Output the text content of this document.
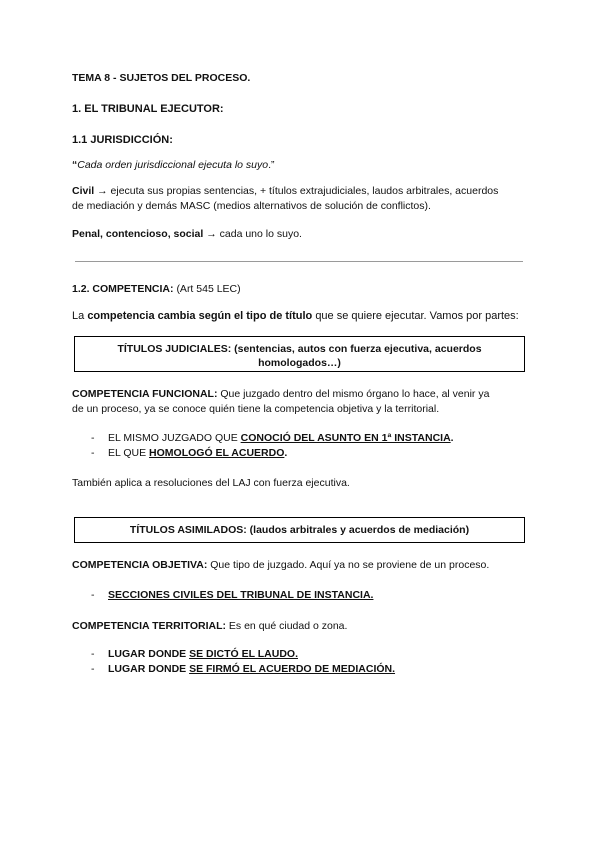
TEMA 8 - SUJETOS DEL PROCESO.
1. EL TRIBUNAL EJECUTOR:
1.1 JURISDICCIÓN:
“Cada orden jurisdiccional ejecuta lo suyo.”
Civil → ejecuta sus propias sentencias, + títulos extrajudiciales, laudos arbitrales, acuerdos
de mediación y demás MASC (medios alternativos de solución de conflictos).
Penal, contencioso, social → cada uno lo suyo.
1.2. COMPETENCIA: (Art 545 LEC)
La competencia cambia según el tipo de título que se quiere ejecutar. Vamos por partes:
TÍTULOS JUDICIALES: (sentencias, autos con fuerza ejecutiva, acuerdos
homologados…)
COMPETENCIA FUNCIONAL: Que juzgado dentro del mismo órgano lo hace, al venir ya
de un proceso, ya se conoce quién tiene la competencia objetiva y la territorial.
- EL MISMO JUZGADO QUE CONOCIÓ DEL ASUNTO EN 1ª INSTANCIA.
- EL QUE HOMOLOGÓ EL ACUERDO.
También aplica a resoluciones del LAJ con fuerza ejecutiva.
TÍTULOS ASIMILADOS: (laudos arbitrales y acuerdos de mediación)
COMPETENCIA OBJETIVA: Que tipo de juzgado. Aquí ya no se proviene de un proceso.
- SECCIONES CIVILES DEL TRIBUNAL DE INSTANCIA.
COMPETENCIA TERRITORIAL: Es en qué ciudad o zona.
- LUGAR DONDE SE DICTÓ EL LAUDO.
- LUGAR DONDE SE FIRMÓ EL ACUERDO DE MEDIACIÓN.
